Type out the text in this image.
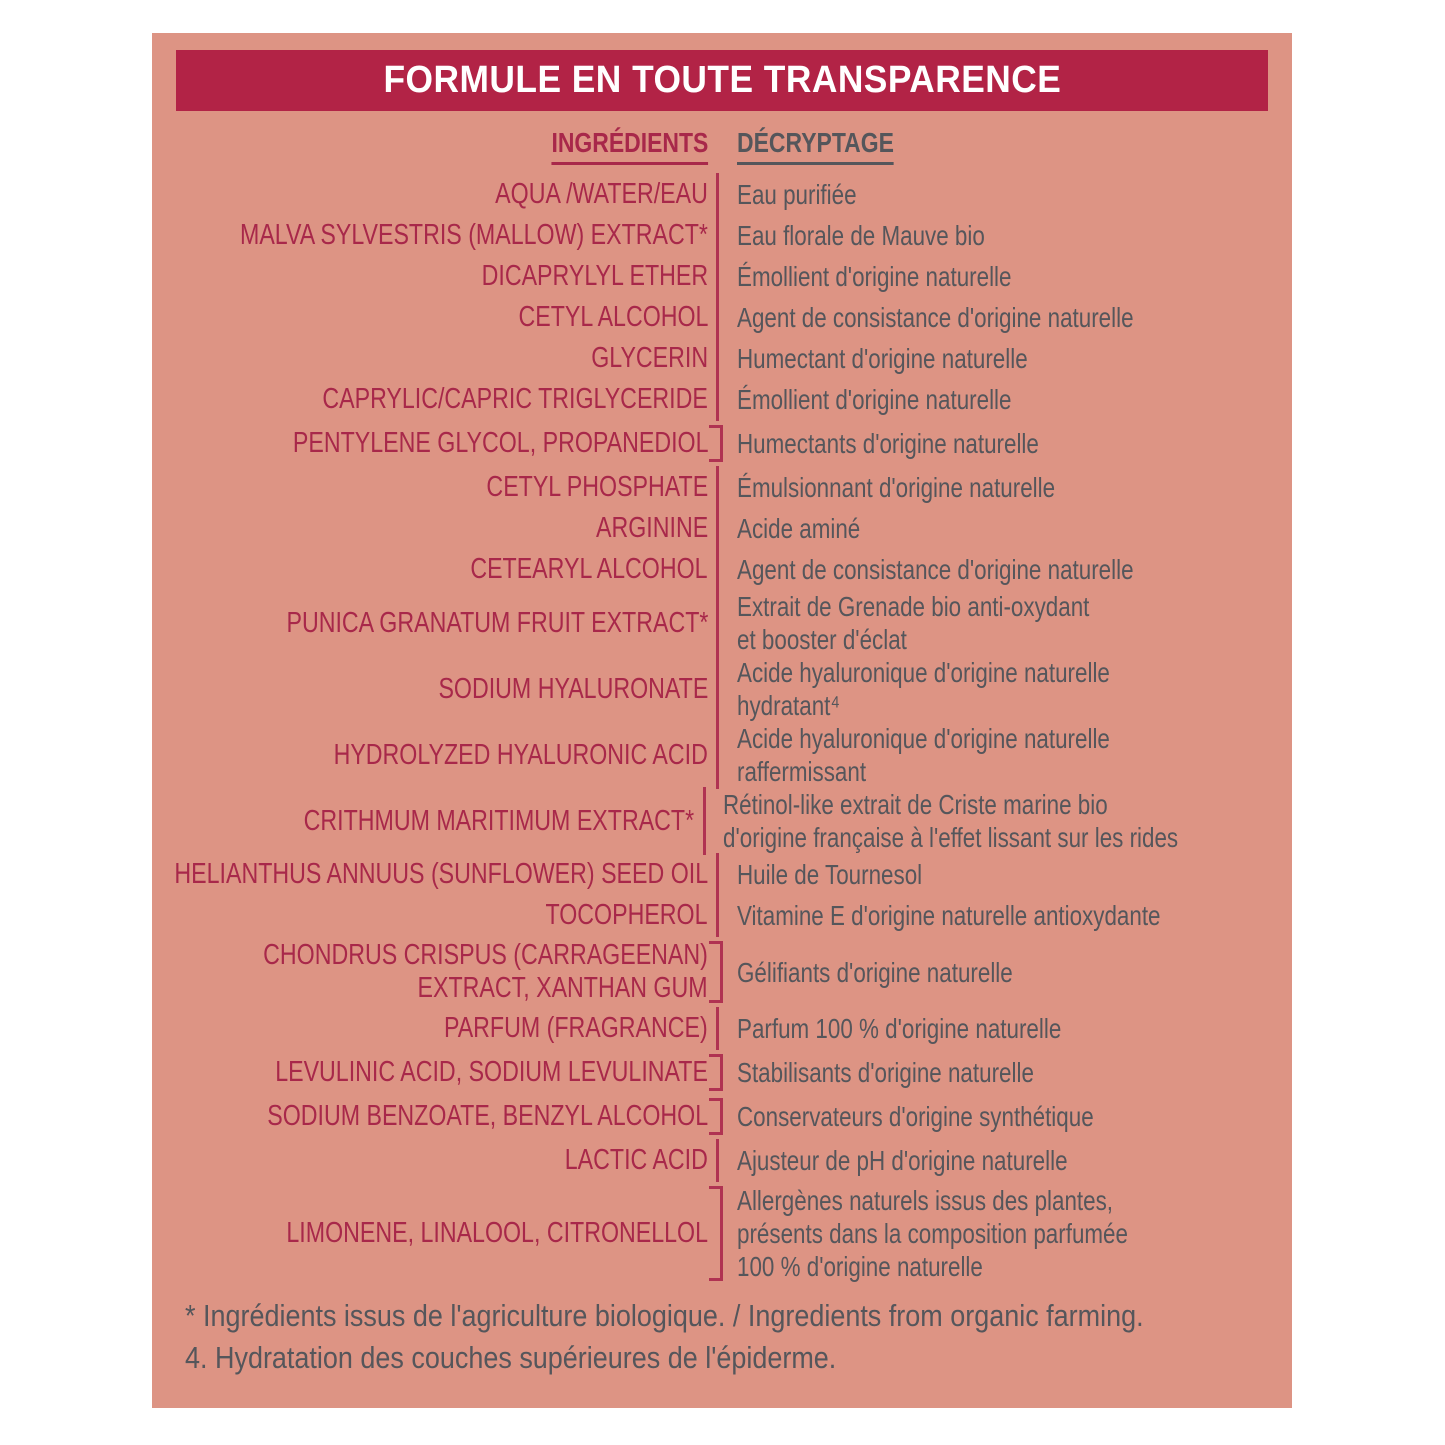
FORMULE EN TOUTE TRANSPARENCE
INGRÉDIENTS	DÉCRYPTAGE
AQUA /WATER/EAU Eau purifiée
MALVA SYLVESTRIS (MALLOW) EXTRACT* Eau florale de Mauve bio
DICAPRYLYL ETHER Émollient d'origine naturelle
CETYL ALCOHOL Agent de consistance d'origine naturelle
GLYCERIN Humectant d'origine naturelle
CAPRYLIC/CAPRIC TRIGLYCERIDE Émollient d'origine naturelle
PENTYLENE GLYCOL, PROPANEDIOL Humectants d'origine naturelle
CETYL PHOSPHATE Émulsionnant d'origine naturelle
ARGININE Acide aminé
CETEARYL ALCOHOL Agent de consistance d'origine naturelle
PUNICA GRANATUM FRUIT EXTRACT* Extrait de Grenade bio anti-oxydant
et booster d'éclat
SODIUM HYALURONATE Acide hyaluronique d'origine naturelle
hydratant⁴
HYDROLYZED HYALURONIC ACID Acide hyaluronique d'origine naturelle
raffermissant
CRITHMUM MARITIMUM EXTRACT* Rétinol-like extrait de Criste marine bio
d'origine française à l'effet lissant sur les rides
HELIANTHUS ANNUUS (SUNFLOWER) SEED OIL Huile de Tournesol
TOCOPHEROL Vitamine E d'origine naturelle antioxydante
CHONDRUS CRISPUS (CARRAGEENAN)
EXTRACT, XANTHAN GUM Gélifiants d'origine naturelle
PARFUM (FRAGRANCE) Parfum 100 % d'origine naturelle
LEVULINIC ACID, SODIUM LEVULINATE Stabilisants d'origine naturelle
SODIUM BENZOATE, BENZYL ALCOHOL Conservateurs d'origine synthétique
LACTIC ACID Ajusteur de pH d'origine naturelle
LIMONENE, LINALOOL, CITRONELLOL
Allergènes naturels issus des plantes,
présents dans la composition parfumée
100 % d'origine naturelle
* Ingrédients issus de l'agriculture biologique. / Ingredients from organic farming.
4. Hydratation des couches supérieures de l'épiderme.
